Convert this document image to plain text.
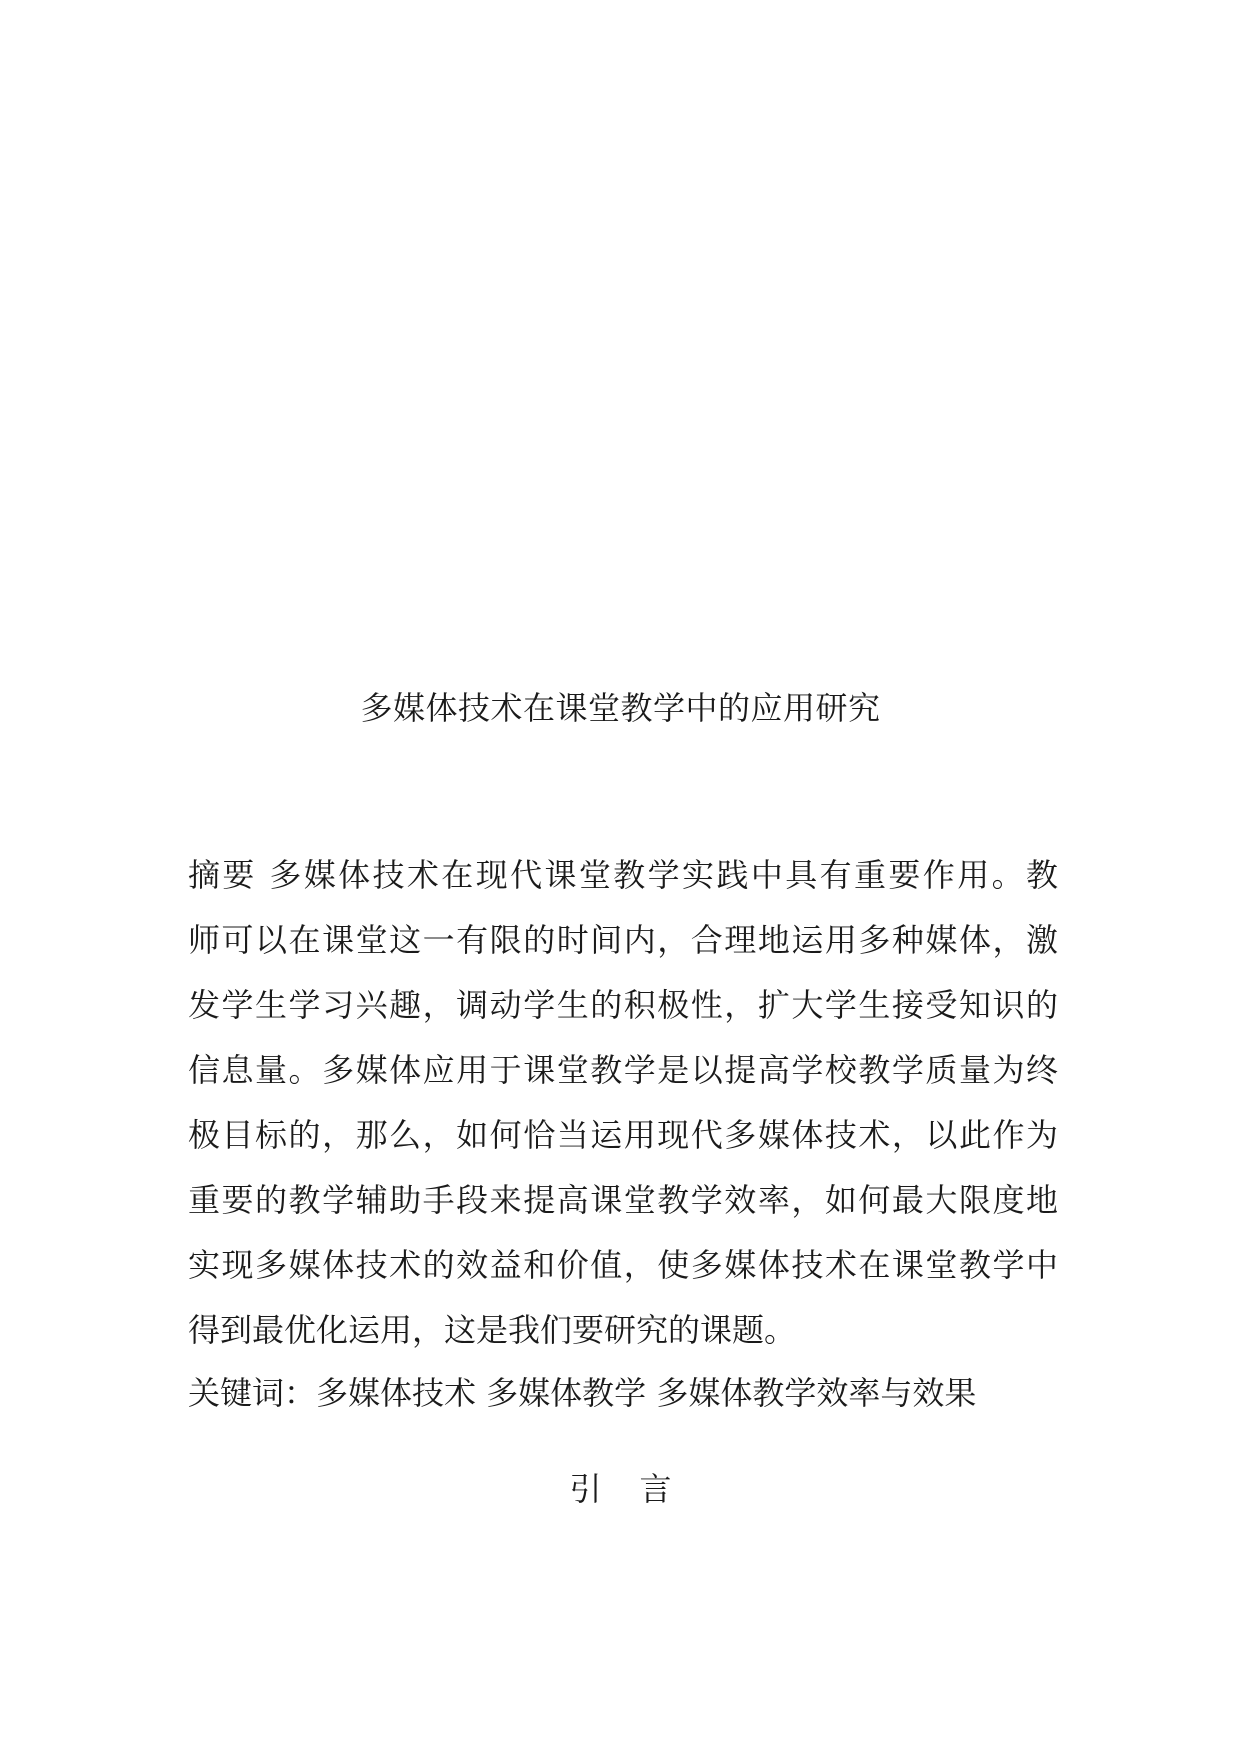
多媒体技术在课堂教学中的应用研究
摘要 多媒体技术在现代课堂教学实践中具有重要作用。教
师可以在课堂这一有限的时间内，合理地运用多种媒体，激
发学生学习兴趣，调动学生的积极性，扩大学生接受知识的
信息量。多媒体应用于课堂教学是以提高学校教学质量为终
极目标的，那么，如何恰当运用现代多媒体技术，以此作为
重要的教学辅助手段来提高课堂教学效率，如何最大限度地
实现多媒体技术的效益和价值，使多媒体技术在课堂教学中
得到最优化运用，这是我们要研究的课题。
关键词：多媒体技术 多媒体教学 多媒体教学效率与效果
引 言
